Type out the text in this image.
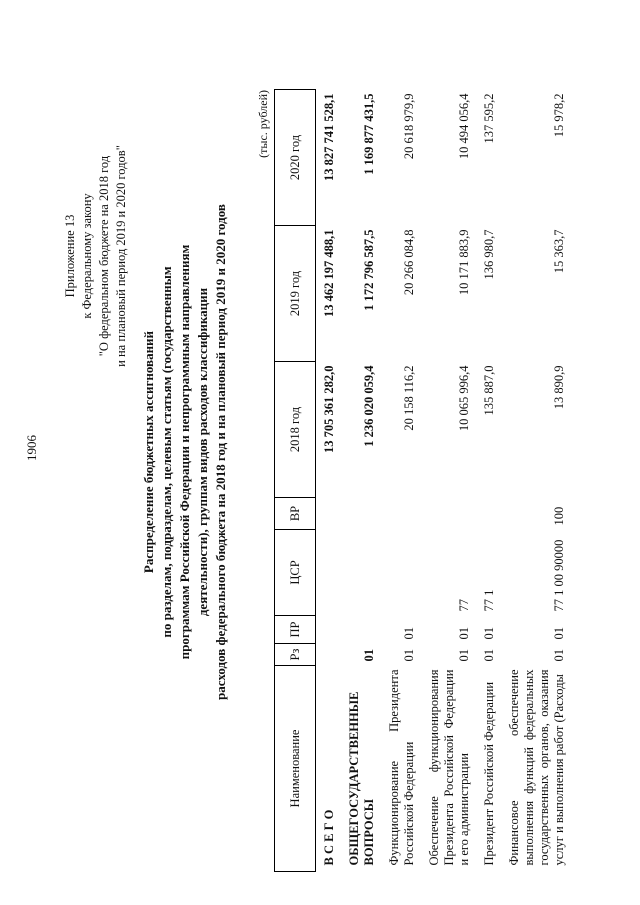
1906
Приложение 13 к Федеральному закону "О федеральном бюджете на 2018 год и на плановый период 2019 и 2020 годов"
Распределение бюджетных ассигнований по разделам, подразделам, целевым статьям (государственным программам Российской Федерации и непрограммным направлениям деятельности), группам видов расходов классификации расходов федерального бюджета на 2018 год и на плановый период 2019 и 2020 годов
(тыс. рублей)
Наименование	Рз	ПР	ЦСР	ВР	2018 год	2019 год	2020 год
В С Е Г О					13 705 361 282,0	13 462 197 488,1	13 827 741 528,1
ОБЩЕГОСУДАРСТВЕННЫЕ ВОПРОСЫ	01				1 236 020 059,4	1 172 796 587,5	1 169 877 431,5
Функционирование Президента Российской Федерации	01	01			20 158 116,2	20 266 084,8	20 618 979,9
Обеспечение функционирования Президента Российской Федерации и его администрации	01	01	77		10 065 996,4	10 171 883,9	10 494 056,4
Президент Российской Федерации	01	01	77 1		135 887,0	136 980,7	137 595,2
Финансовое обеспечение выполнения функций федеральных государственных органов, оказания услуг и выполнения работ (Расходы	01	01	77 1 00 90000	100	13 890,9	15 363,7	15 978,2
